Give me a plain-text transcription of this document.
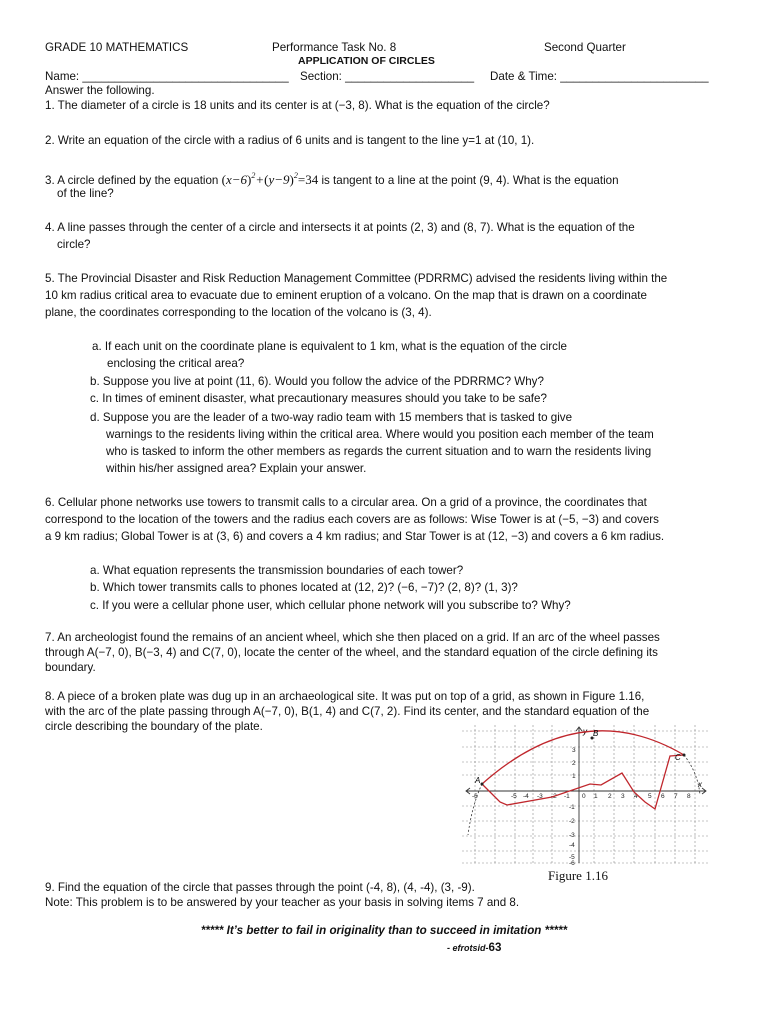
GRADE 10 MATHEMATICS	Performance Task No. 8	Second Quarter
APPLICATION OF CIRCLES
Name: ________________________________ Section: ____________________ Date & Time: _______________________
Answer the following.
1. The diameter of a circle is 18 units and its center is at (−3, 8). What is the equation of the circle?
2. Write an equation of the circle with a radius of 6 units and is tangent to the line y=1 at (10, 1).
3. A circle defined by the equation $(x-6)^2+(y-9)^2=34$ is tangent to a line at the point (9, 4). What is the equation
of the line?
4. A line passes through the center of a circle and intersects it at points (2, 3) and (8, 7). What is the equation of the
circle?
5. The Provincial Disaster and Risk Reduction Management Committee (PDRRMC) advised the residents living within the
10 km radius critical area to evacuate due to eminent eruption of a volcano. On the map that is drawn on a coordinate
plane, the coordinates corresponding to the location of the volcano is (3, 4).
a. If each unit on the coordinate plane is equivalent to 1 km, what is the equation of the circle
enclosing the critical area?
b. Suppose you live at point (11, 6). Would you follow the advice of the PDRRMC? Why?
c. In times of eminent disaster, what precautionary measures should you take to be safe?
d. Suppose you are the leader of a two-way radio team with 15 members that is tasked to give
warnings to the residents living within the critical area. Where would you position each member of the team
who is tasked to inform the other members as regards the current situation and to warn the residents living
within his/her assigned area? Explain your answer.
6. Cellular phone networks use towers to transmit calls to a circular area. On a grid of a province, the coordinates that
correspond to the location of the towers and the radius each covers are as follows: Wise Tower is at (−5, −3) and covers
a 9 km radius; Global Tower is at (3, 6) and covers a 4 km radius; and Star Tower is at (12, −3) and covers a 6 km radius.
a. What equation represents the transmission boundaries of each tower?
b. Which tower transmits calls to phones located at (12, 2)? (−6, −7)? (2, 8)? (1, 3)?
c. If you were a cellular phone user, which cellular phone network will you subscribe to? Why?
7. An archeologist found the remains of an ancient wheel, which she then placed on a grid. If an arc of the wheel passes
through A(−7, 0), B(−3, 4) and C(7, 0), locate the center of the wheel, and the standard equation of the circle defining its
boundary.
8. A piece of a broken plate was dug up in an archaeological site. It was put on top of a grid, as shown in Figure 1.16,
with the arc of the plate passing through A(−7, 0), B(1, 4) and C(7, 2). Find its center, and the standard equation of the
circle describing the boundary of the plate.	y
x
-6	-5 -4 -3 -2 -1 0 1 2 3 4 5 6 7 8
3
2
1
-1
-2
-3
-4
-5
-6
A
B
C
Figure 1.16
9. Find the equation of the circle that passes through the point (-4, 8), (4, -4), (3, -9).
Note: This problem is to be answered by your teacher as your basis in solving items 7 and 8.
***** It’s better to fail in originality than to succeed in imitation *****
- efrotsid-63
